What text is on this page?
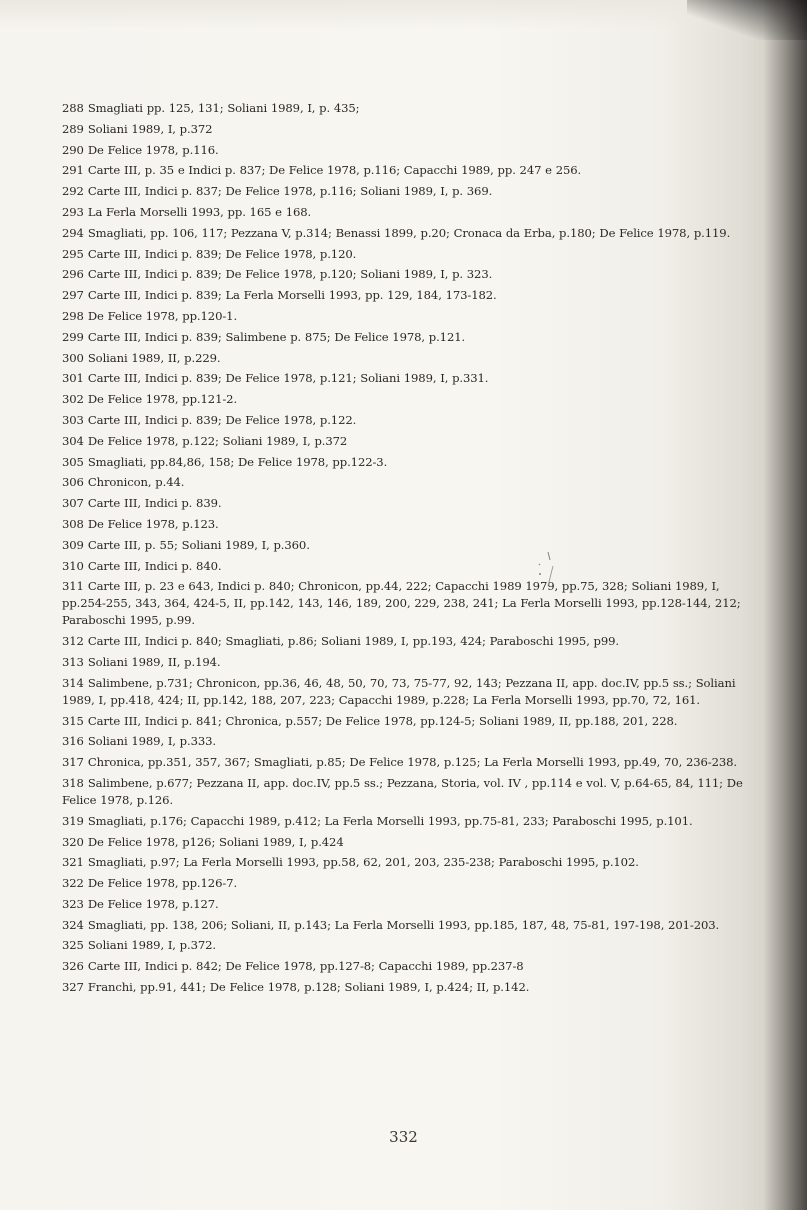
288 Smagliati pp. 125, 131; Soliani 1989, I, p. 435;
289 Soliani 1989, I, p.372
290 De Felice 1978, p.116.
291 Carte III, p. 35 e Indici p. 837; De Felice 1978, p.116; Capacchi 1989, pp. 247 e 256.
292 Carte III, Indici p. 837; De Felice 1978, p.116; Soliani 1989, I, p. 369.
293 La Ferla Morselli 1993, pp. 165 e 168.
294 Smagliati, pp. 106, 117; Pezzana V, p.314; Benassi 1899, p.20; Cronaca da Erba, p.180; De Felice 1978, p.119.
295 Carte III, Indici p. 839; De Felice 1978, p.120.
296 Carte III, Indici p. 839; De Felice 1978, p.120; Soliani 1989, I, p. 323.
297 Carte III, Indici p. 839; La Ferla Morselli 1993, pp. 129, 184, 173-182.
298 De Felice 1978, pp.120-1.
299 Carte III, Indici p. 839; Salimbene p. 875; De Felice 1978, p.121.
300 Soliani 1989, II, p.229.
301 Carte III, Indici p. 839; De Felice 1978, p.121; Soliani 1989, I, p.331.
302 De Felice 1978, pp.121-2.
303 Carte III, Indici p. 839; De Felice 1978, p.122.
304 De Felice 1978, p.122; Soliani 1989, I, p.372
305 Smagliati, pp.84,86, 158; De Felice 1978, pp.122-3.
306 Chronicon, p.44.
307 Carte III, Indici p. 839.
308 De Felice 1978, p.123.
309 Carte III, p. 55; Soliani 1989, I, p.360.
310 Carte III, Indici p. 840.
311 Carte III, p. 23 e 643, Indici p. 840; Chronicon, pp.44, 222; Capacchi 1989 1979, pp.75, 328; Soliani 1989, I, pp.254-255, 343, 364, 424-5, II, pp.142, 143, 146, 189, 200, 229, 238, 241; La Ferla Morselli 1993, pp.128-144, 212; Paraboschi 1995, p.99.
312 Carte III, Indici p. 840; Smagliati, p.86; Soliani 1989, I, pp.193, 424; Paraboschi 1995, p99.
313 Soliani 1989, II, p.194.
314 Salimbene, p.731; Chronicon, pp.36, 46, 48, 50, 70, 73, 75-77, 92, 143; Pezzana II, app. doc.IV, pp.5 ss.; Soliani 1989, I, pp.418, 424; II, pp.142, 188, 207, 223; Capacchi 1989, p.228; La Ferla Morselli 1993, pp.70, 72, 161.
315 Carte III, Indici p. 841; Chronica, p.557; De Felice 1978, pp.124-5; Soliani 1989, II, pp.188, 201, 228.
316 Soliani 1989, I, p.333.
317 Chronica, pp.351, 357, 367; Smagliati, p.85; De Felice 1978, p.125; La Ferla Morselli 1993, pp.49, 70, 236-238.
318 Salimbene, p.677; Pezzana II, app. doc.IV, pp.5 ss.; Pezzana, Storia, vol. IV , pp.114 e vol. V, p.64-65, 84, 111; De Felice 1978, p.126.
319 Smagliati, p.176; Capacchi 1989, p.412; La Ferla Morselli 1993, pp.75-81, 233; Paraboschi 1995, p.101.
320 De Felice 1978, p126; Soliani 1989, I, p.424
321 Smagliati, p.97; La Ferla Morselli 1993, pp.58, 62, 201, 203, 235-238; Paraboschi 1995, p.102.
322 De Felice 1978, pp.126-7.
323 De Felice 1978, p.127.
324 Smagliati, pp. 138, 206; Soliani, II, p.143; La Ferla Morselli 1993, pp.185, 187, 48, 75-81, 197-198, 201-203.
325 Soliani 1989, I, p.372.
326 Carte III, Indici p. 842; De Felice 1978, pp.127-8; Capacchi 1989, pp.237-8
327 Franchi, pp.91, 441; De Felice 1978, p.128; Soliani 1989, I, p.424; II, p.142.
332
